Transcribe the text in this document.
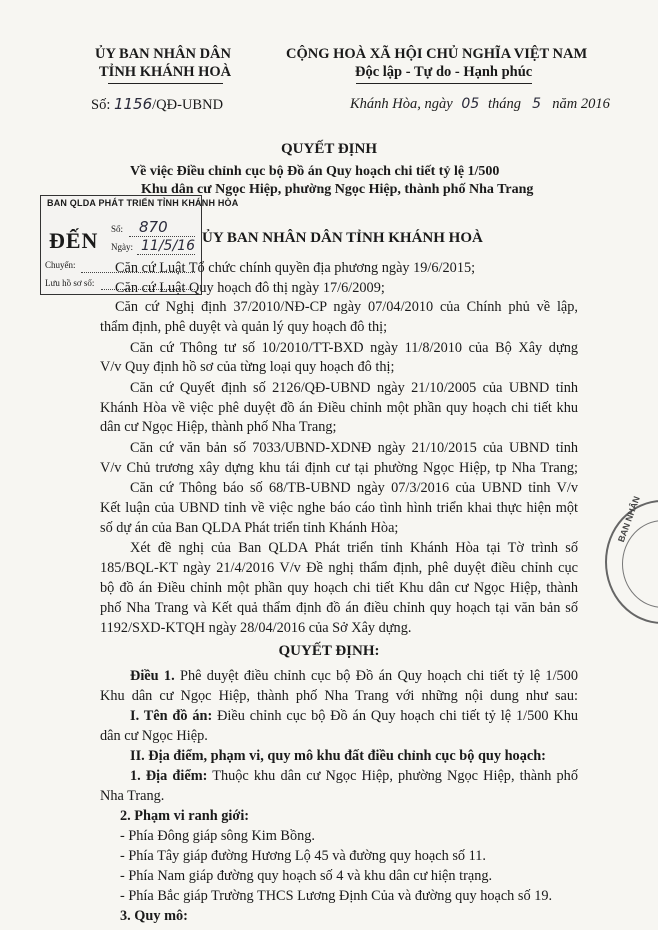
ỦY BAN NHÂN DÂN
TỈNH KHÁNH HOÀ
Số: 1156/QĐ-UBND
CỘNG HOÀ XÃ HỘI CHỦ NGHĨA VIỆT NAM
Độc lập - Tự do - Hạnh phúc
Khánh Hòa, ngày 05 tháng 5 năm 2016
QUYẾT ĐỊNH
Về việc Điều chỉnh cục bộ Đồ án Quy hoạch chi tiết tỷ lệ 1/500
Khu dân cư Ngọc Hiệp, phường Ngọc Hiệp, thành phố Nha Trang
BAN QLDA PHÁT TRIỂN TỈNH KHÁNH HÒA
ĐẾN Số: 870
Ngày: 11/5/16
Chuyển:
Lưu hồ sơ số:
ỦY BAN NHÂN DÂN TỈNH KHÁNH HOÀ
Căn cứ Luật Tổ chức chính quyền địa phương ngày 19/6/2015;
Căn cứ Luật Quy hoạch đô thị ngày 17/6/2009;
Căn cứ Nghị định 37/2010/NĐ-CP ngày 07/04/2010 của Chính phủ về lập,
thẩm định, phê duyệt và quản lý quy hoạch đô thị;
Căn cứ Thông tư số 10/2010/TT-BXD ngày 11/8/2010 của Bộ Xây dựng
V/v Quy định hồ sơ của từng loại quy hoạch đô thị;
Căn cứ Quyết định số 2126/QĐ-UBND ngày 21/10/2005 của UBND tỉnh
Khánh Hòa về việc phê duyệt đồ án Điều chỉnh một phần quy hoạch chi tiết khu
dân cư Ngọc Hiệp, thành phố Nha Trang;
Căn cứ văn bản số 7033/UBND-XDNĐ ngày 21/10/2015 của UBND tỉnh
V/v Chủ trương xây dựng khu tái định cư tại phường Ngọc Hiệp, tp Nha Trang;
Căn cứ Thông báo số 68/TB-UBND ngày 07/3/2016 của UBND tỉnh V/v
Kết luận của UBND tỉnh về việc nghe báo cáo tình hình triển khai thực hiện một
số dự án của Ban QLDA Phát triển tỉnh Khánh Hòa;
Xét đề nghị của Ban QLDA Phát triển tỉnh Khánh Hòa tại Tờ trình số
185/BQL-KT ngày 21/4/2016 V/v Đề nghị thẩm định, phê duyệt điều chỉnh cục
bộ đồ án Điều chỉnh một phần quy hoạch chi tiết Khu dân cư Ngọc Hiệp, thành
phố Nha Trang và Kết quả thẩm định đồ án điều chỉnh quy hoạch tại văn bản số
1192/SXD-KTQH ngày 28/04/2016 của Sở Xây dựng.
QUYẾT ĐỊNH:
Điều 1. Phê duyệt điều chỉnh cục bộ Đồ án Quy hoạch chi tiết tỷ lệ 1/500
Khu dân cư Ngọc Hiệp, thành phố Nha Trang với những nội dung như sau:
I. Tên đồ án: Điều chỉnh cục bộ Đồ án Quy hoạch chi tiết tỷ lệ 1/500 Khu
dân cư Ngọc Hiệp.
II. Địa điểm, phạm vi, quy mô khu đất điều chỉnh cục bộ quy hoạch:
1. Địa điểm: Thuộc khu dân cư Ngọc Hiệp, phường Ngọc Hiệp, thành phố
Nha Trang.
2. Phạm vi ranh giới:
- Phía Đông giáp sông Kim Bồng.
- Phía Tây giáp đường Hương Lộ 45 và đường quy hoạch số 11.
- Phía Nam giáp đường quy hoạch số 4 và khu dân cư hiện trạng.
- Phía Bắc giáp Trường THCS Lương Định Của và đường quy hoạch số 19.
3. Quy mô:
BAN NHÂN
